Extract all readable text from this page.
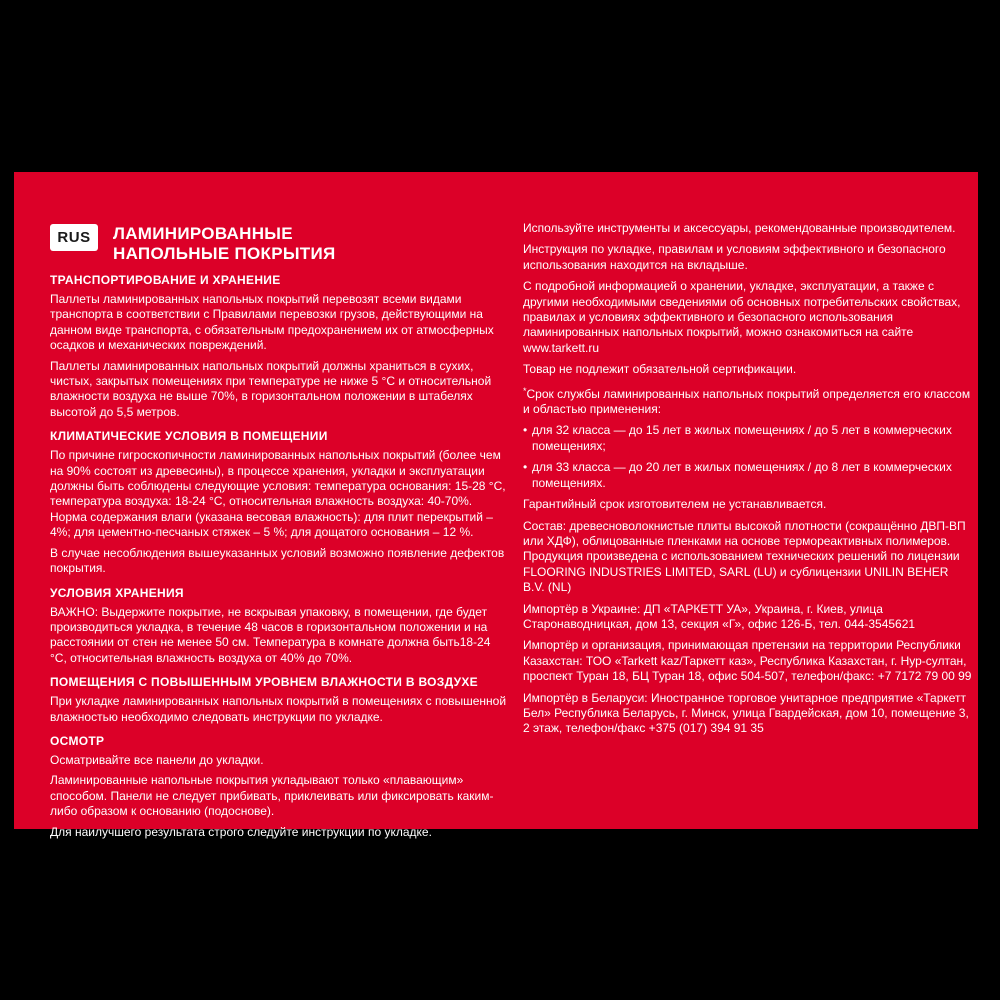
RUS	ЛАМИНИРОВАННЫЕ
НАПОЛЬНЫЕ ПОКРЫТИЯ
ТРАНСПОРТИРОВАНИЕ И ХРАНЕНИЕ

Паллеты ламинированных напольных покрытий перевозят всеми видами транспорта в соответствии с Правилами перевозки грузов, действующими на данном виде транспорта, с обязательным предохранением их от атмосферных осадков и механических повреждений.

Паллеты ламинированных напольных покрытий должны храниться в сухих, чистых, закрытых помещениях при температуре не ниже 5 °С и относительной влажности воздуха не выше 70%, в горизонтальном положении в штабелях высотой до 5,5 метров.

КЛИМАТИЧЕСКИЕ УСЛОВИЯ В ПОМЕЩЕНИИ

По причине гигроскопичности ламинированных напольных покрытий (более чем на 90% состоят из древесины), в процессе хранения, укладки и эксплуатации должны быть соблюдены следующие условия: температура основания: 15-28 °С, температура воздуха: 18-24 °С, относительная влажность воздуха: 40-70%. Норма содержания влаги (указана весовая влажность): для плит перекрытий – 4%; для цементно-песчаных стяжек – 5 %; для дощатого основания – 12 %.

В случае несоблюдения вышеуказанных условий возможно появление дефектов покрытия.

УСЛОВИЯ ХРАНЕНИЯ

ВАЖНО: Выдержите покрытие, не вскрывая упаковку, в помещении, где будет производиться укладка, в течение 48 часов в горизонтальном положении и на расстоянии от стен не менее 50 см. Температура в комнате должна быть18-24 °С, относительная влажность воздуха от 40% до 70%.

ПОМЕЩЕНИЯ С ПОВЫШЕННЫМ УРОВНЕМ ВЛАЖНОСТИ В ВОЗДУХЕ

При укладке ламинированных напольных покрытий в помещениях с повышенной влажностью необходимо следовать инструкции по укладке.

ОСМОТР

Осматривайте все панели до укладки.

Ламинированные напольные покрытия укладывают только «плавающим» способом. Панели не следует прибивать, приклеивать или фиксировать каким-либо образом к основанию (подоснове).

Для наилучшего результата строго следуйте инструкции по укладке.

Используйте инструменты и аксессуары, рекомендованные производителем.

Инструкция по укладке, правилам и условиям эффективного и безопасного использования находится на вкладыше.

С подробной информацией о хранении, укладке, эксплуатации, а также с другими необходимыми сведениями об основных потребительских свойствах, правилах и условиях эффективного и безопасного использования ламинированных напольных покрытий, можно ознакомиться на сайте www.tarkett.ru

Товар не подлежит обязательной сертификации.

*Срок службы ламинированных напольных покрытий определяется его классом и областью применения:

• для 32 класса — до 15 лет в жилых помещениях / до 5 лет в коммерческих помещениях;
• для 33 класса — до 20 лет в жилых помещениях / до 8 лет в коммерческих помещениях.

Гарантийный срок изготовителем не устанавливается.

Состав: древесноволокнистые плиты высокой плотности (сокращённо ДВП-ВП или ХДФ), облицованные пленками на основе термореактивных полимеров. Продукция произведена с использованием технических решений по лицензии FLOORING INDUSTRIES LIMITED, SARL (LU) и сублицензии UNILIN BEHER B.V. (NL)

Импортёр в Украине: ДП «ТАРКЕТТ УА», Украина, г. Киев, улица Старонаводницкая, дом 13, секция «Г», офис 126-Б, тел. 044-3545621

Импортёр и организация, принимающая претензии на территории Республики Казахстан: ТОО «Tarkett kaz/Таркетт каз», Республика Казахстан, г. Нур-султан, проспект Туран 18, БЦ Туран 18, офис 504-507, телефон/факс: +7 7172 79 00 99

Импортёр в Беларуси: Иностранное торговое унитарное предприятие «Таркетт Бел» Республика Беларусь, г. Минск, улица Гвардейская, дом 10, помещение 3, 2 этаж, телефон/факс +375 (017) 394 91 35
